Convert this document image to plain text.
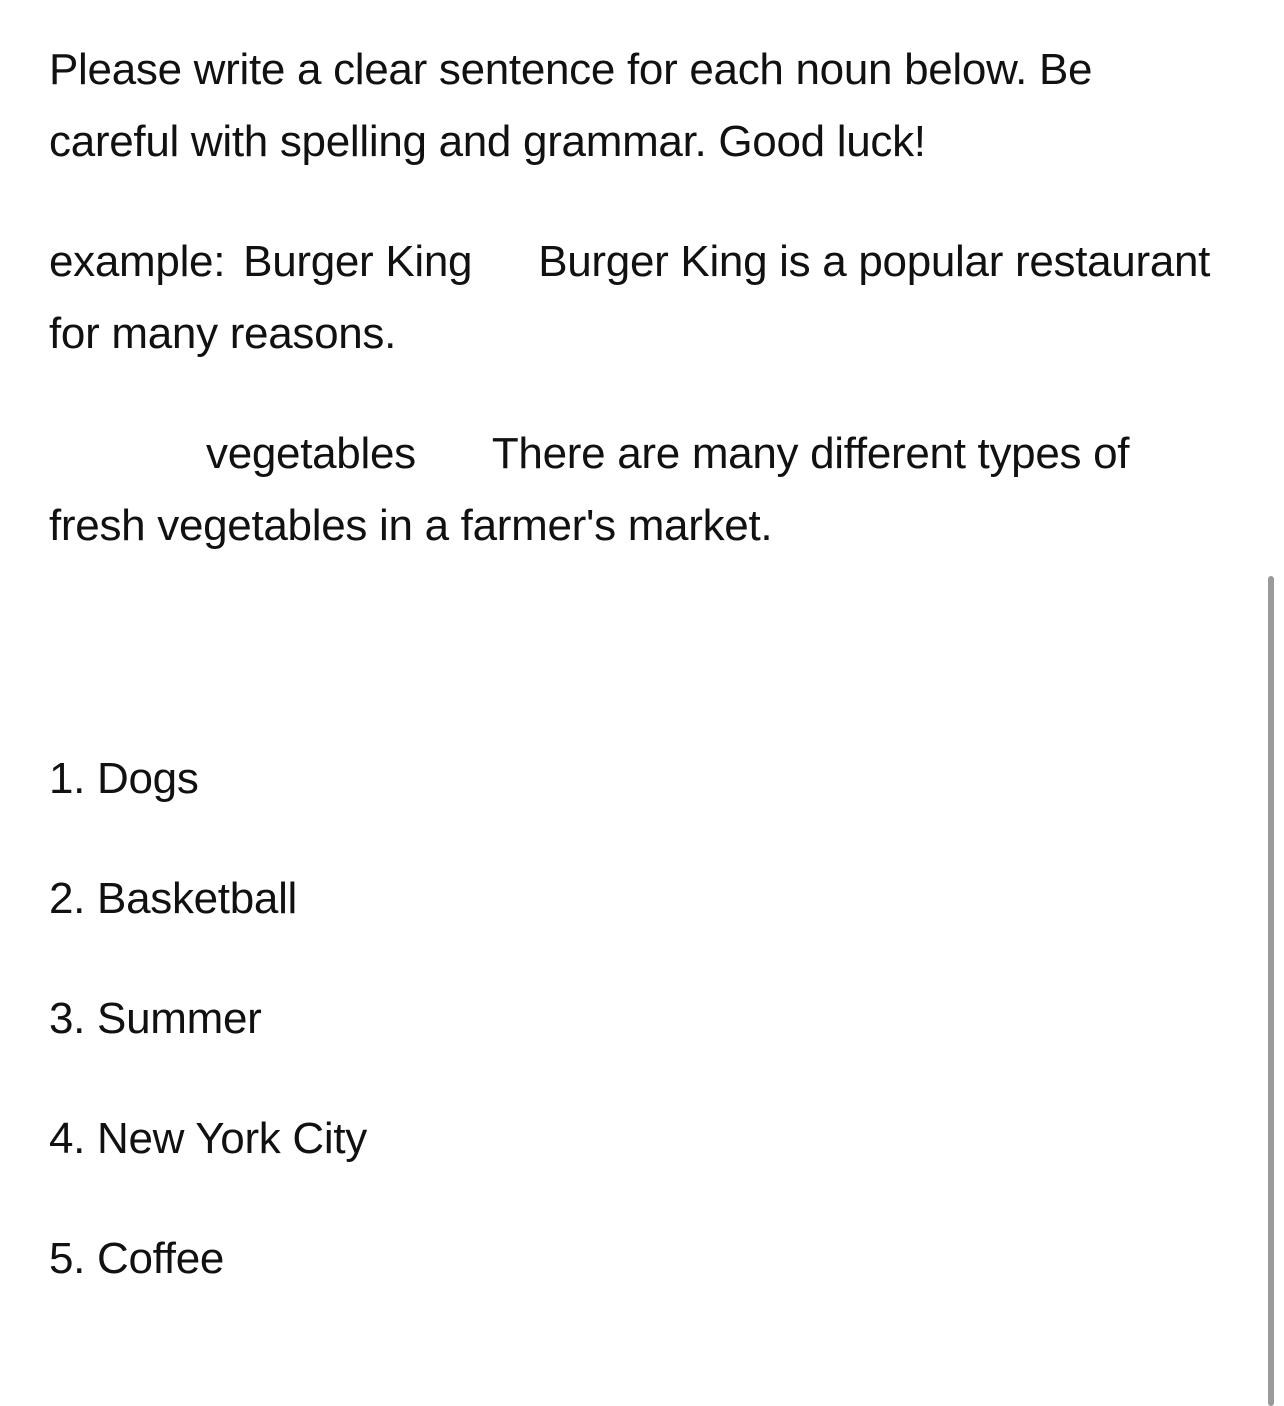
Please write a clear sentence for each noun below. Be careful with spelling and grammar. Good luck!

example: Burger King Burger King is a popular restaurant for many reasons.

vegetables There are many different types of fresh vegetables in a farmer's market.

1. Dogs
2. Basketball
3. Summer
4. New York City
5. Coffee
